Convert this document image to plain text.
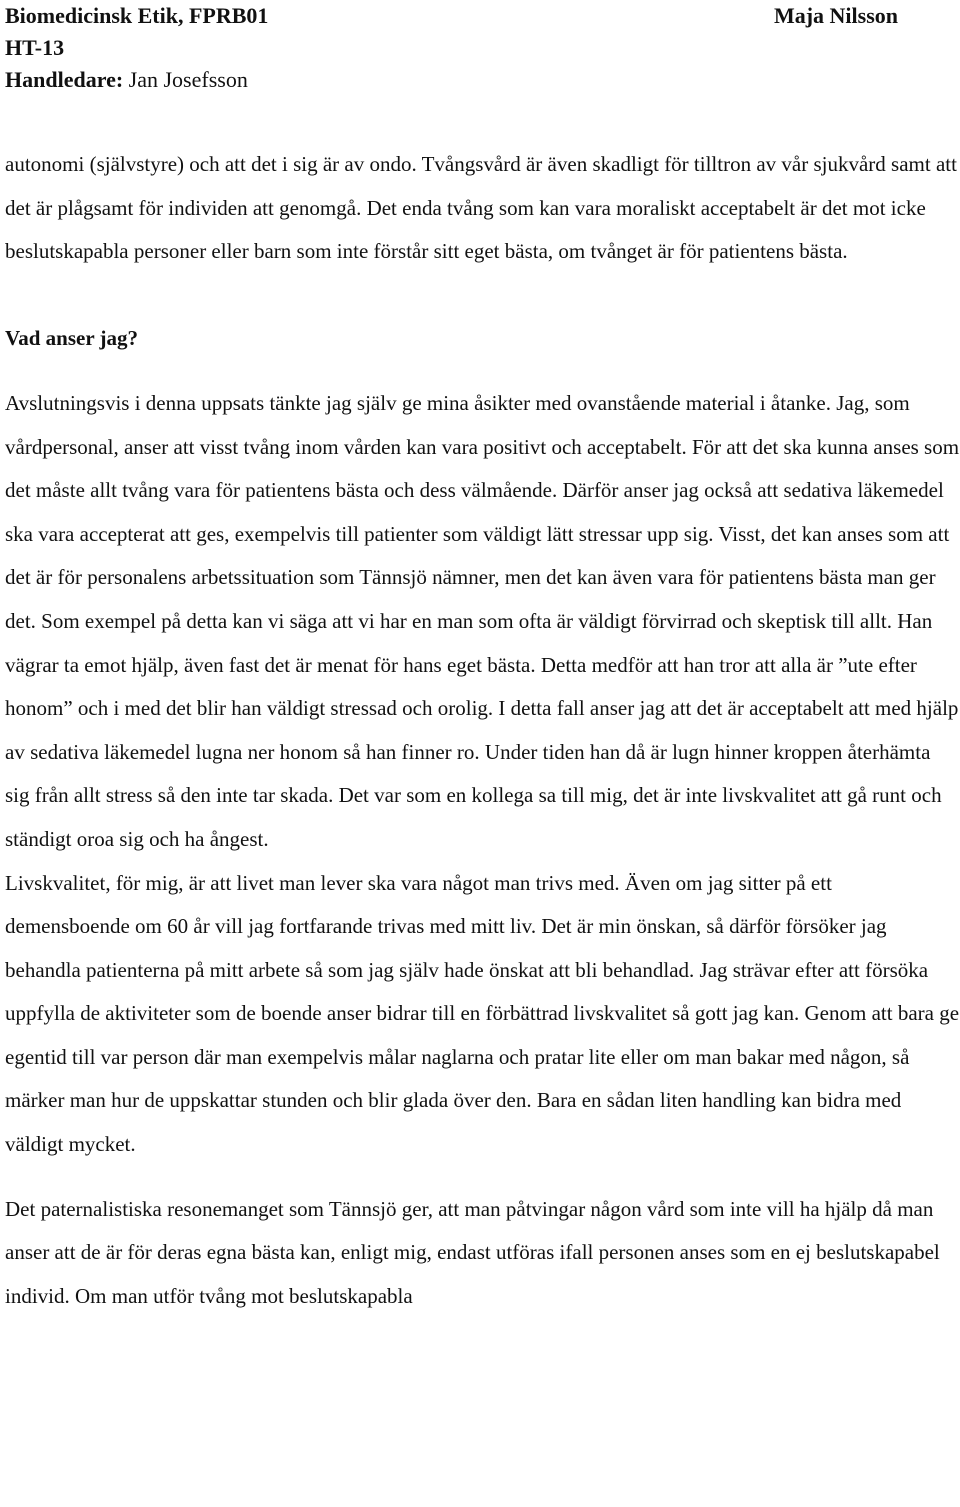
Biomedicinsk Etik, FPRB01	Maja Nilsson
HT-13
Handledare: Jan Josefsson

autonomi (självstyre) och att det i sig är av ondo. Tvångsvård är även skadligt för tilltron av vår sjukvård samt att det är plågsamt för individen att genomgå. Det enda tvång som kan vara moraliskt acceptabelt är det mot icke beslutskapabla personer eller barn som inte förstår sitt eget bästa, om tvånget är för patientens bästa.

Vad anser jag?

Avslutningsvis i denna uppsats tänkte jag själv ge mina åsikter med ovanstående material i åtanke. Jag, som vårdpersonal, anser att visst tvång inom vården kan vara positivt och acceptabelt. För att det ska kunna anses som det måste allt tvång vara för patientens bästa och dess välmående. Därför anser jag också att sedativa läkemedel ska vara accepterat att ges, exempelvis till patienter som väldigt lätt stressar upp sig. Visst, det kan anses som att det är för personalens arbetssituation som Tännsjö nämner, men det kan även vara för patientens bästa man ger det. Som exempel på detta kan vi säga att vi har en man som ofta är väldigt förvirrad och skeptisk till allt. Han vägrar ta emot hjälp, även fast det är menat för hans eget bästa. Detta medför att han tror att alla är ”ute efter honom” och i med det blir han väldigt stressad och orolig. I detta fall anser jag att det är acceptabelt att med hjälp av sedativa läkemedel lugna ner honom så han finner ro. Under tiden han då är lugn hinner kroppen återhämta sig från allt stress så den inte tar skada. Det var som en kollega sa till mig, det är inte livskvalitet att gå runt och ständigt oroa sig och ha ångest.

Livskvalitet, för mig, är att livet man lever ska vara något man trivs med. Även om jag sitter på ett demensboende om 60 år vill jag fortfarande trivas med mitt liv. Det är min önskan, så därför försöker jag behandla patienterna på mitt arbete så som jag själv hade önskat att bli behandlad. Jag strävar efter att försöka uppfylla de aktiviteter som de boende anser bidrar till en förbättrad livskvalitet så gott jag kan. Genom att bara ge egentid till var person där man exempelvis målar naglarna och pratar lite eller om man bakar med någon, så märker man hur de uppskattar stunden och blir glada över den. Bara en sådan liten handling kan bidra med väldigt mycket.

Det paternalistiska resonemanget som Tännsjö ger, att man påtvingar någon vård som inte vill ha hjälp då man anser att de är för deras egna bästa kan, enligt mig, endast utföras ifall personen anses som en ej beslutskapabel individ. Om man utför tvång mot beslutskapabla
